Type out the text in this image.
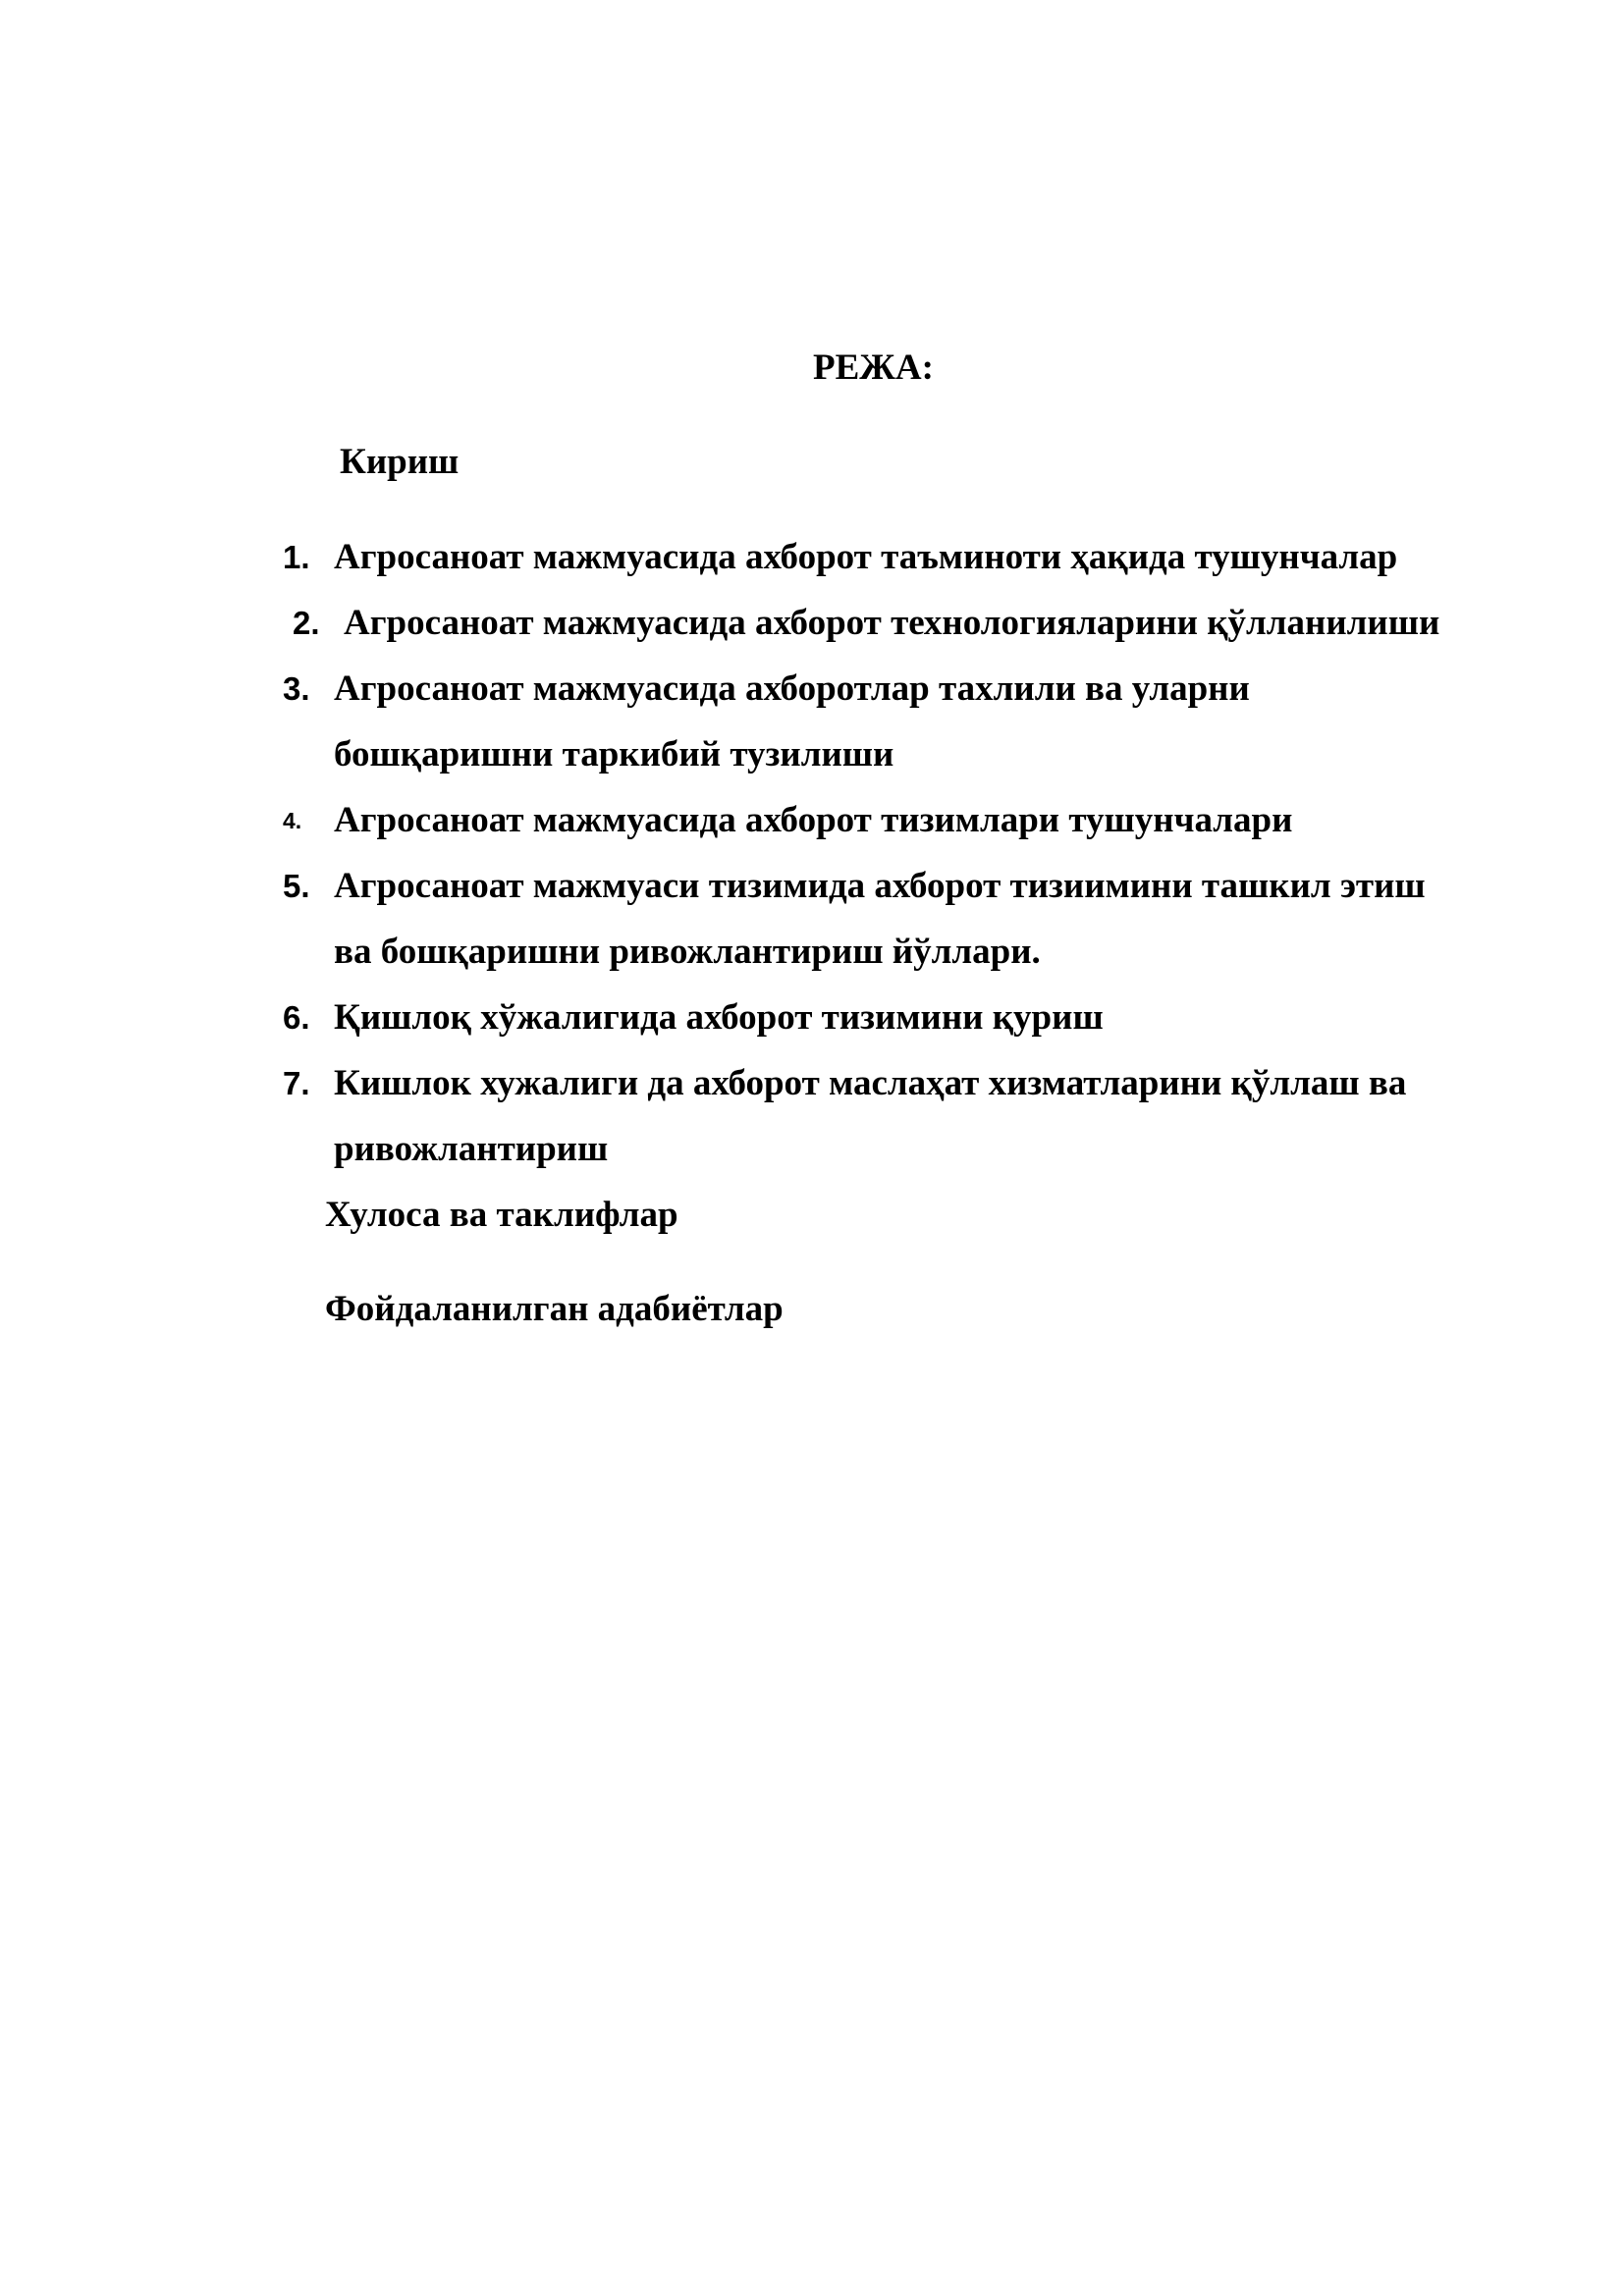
РЕЖА:
Кириш
1. Агросаноат мажмуасида ахборот таъминоти ҳақида тушунчалар
2. Агросаноат мажмуасида ахборот технологияларини қўлланилиши
3. Агросаноат мажмуасида ахборотлар тахлили ва уларни
бошқаришни таркибий тузилиши
4. Агросаноат мажмуасида ахборот тизимлари тушунчалари
5. Агросаноат мажмуаси тизимида ахборот тизиимини ташкил этиш
ва бошқаришни ривожлантириш йўллари.
6. Қишлоқ хўжалигида ахборот тизимини қуриш
7. Кишлок хужалиги да ахборот маслаҳат хизматларини қўллаш ва
ривожлантириш
Хулоса ва таклифлар
Фойдаланилган адабиётлар
